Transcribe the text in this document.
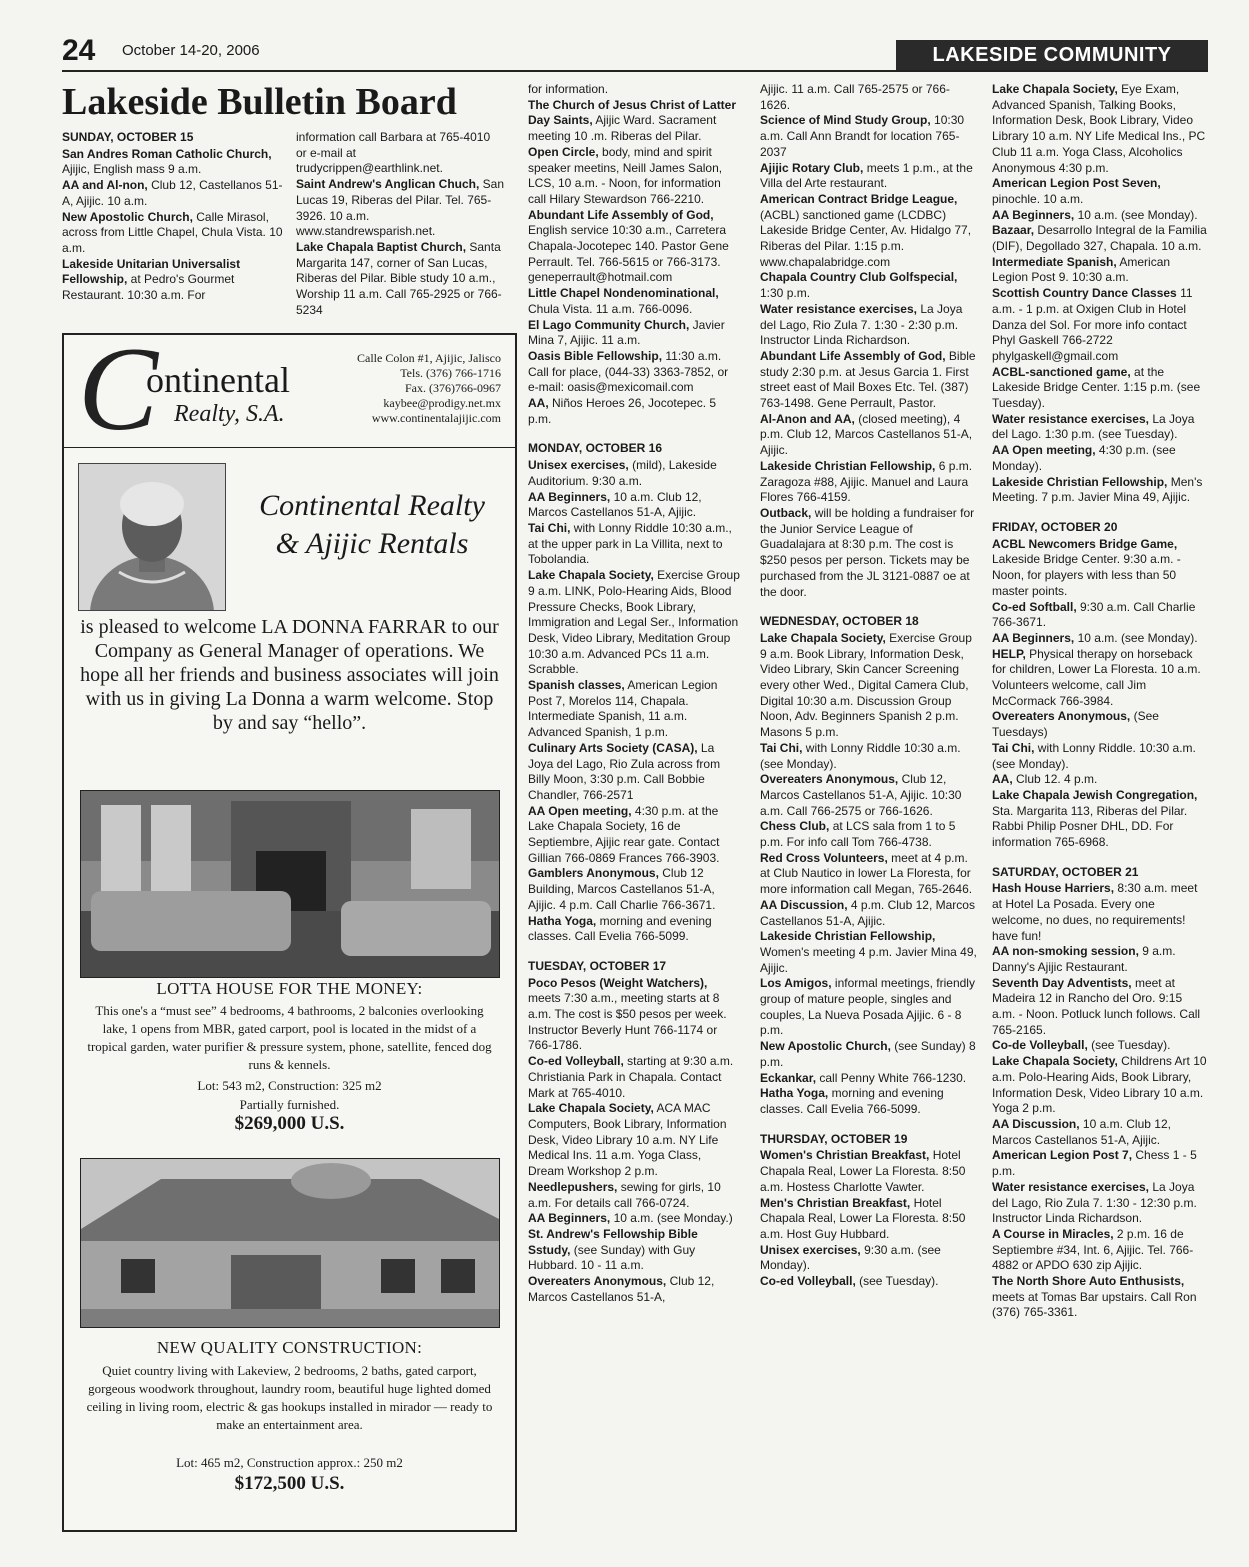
24 October 14-20, 2006	LAKESIDE COMMUNITY
Lakeside Bulletin Board
SUNDAY, OCTOBER 15

San Andres Roman Catholic Church, Ajijic, English mass 9 a.m.

AA and Al-non, Club 12, Castellanos 51-A, Ajijic. 10 a.m.

New Apostolic Church, Calle Mirasol, across from Little Chapel, Chula Vista. 10 a.m.

Lakeside Unitarian Universalist Fellowship, at Pedro's Gourmet Restaurant. 10:30 a.m. For

information call Barbara at 765-4010 or e-mail at trudycrippen@earthlink.net.

Saint Andrew's Anglican Chuch, San Lucas 19, Riberas del Pilar. Tel. 765-3926. 10 a.m. www.standrewsparish.net.

Lake Chapala Baptist Church, Santa Margarita 147, corner of San Lucas, Riberas del Pilar. Bible study 10 a.m., Worship 11 a.m. Call 765-2925 or 766-5234

for information.

The Church of Jesus Christ of Latter Day Saints, Ajijic Ward. Sacrament meeting 10 .m. Riberas del Pilar.

Open Circle, body, mind and spirit speaker meetins, Neill James Salon, LCS, 10 a.m. - Noon, for information call Hilary Stewardson 766-2210.

Abundant Life Assembly of God, English service 10:30 a.m., Carretera Chapala-Jocotepec 140. Pastor Gene Perrault. Tel. 766-5615 or 766-3173. geneperrault@hotmail.com

Little Chapel Nondenominational, Chula Vista. 11 a.m. 766-0096.

El Lago Community Church, Javier Mina 7, Ajijic. 11 a.m.

Oasis Bible Fellowship, 11:30 a.m. Call for place, (044-33) 3363-7852, or e-mail: oasis@mexicomail.com

AA, Niños Heroes 26, Jocotepec. 5 p.m.

MONDAY, OCTOBER 16

Unisex exercises, (mild), Lakeside Auditorium. 9:30 a.m.

AA Beginners, 10 a.m. Club 12, Marcos Castellanos 51-A, Ajijic.

Tai Chi, with Lonny Riddle 10:30 a.m., at the upper park in La Villita, next to Tobolandia.

Lake Chapala Society, Exercise Group 9 a.m. LINK, Polo-Hearing Aids, Blood Pressure Checks, Book Library, Immigration and Legal Ser., Information Desk, Video Library, Meditation Group 10:30 a.m. Advanced PCs 11 a.m. Scrabble.

Spanish classes, American Legion Post 7, Morelos 114, Chapala. Intermediate Spanish, 11 a.m. Advanced Spanish, 1 p.m.

Culinary Arts Society (CASA), La Joya del Lago, Rio Zula across from Billy Moon, 3:30 p.m. Call Bobbie Chandler, 766-2571

AA Open meeting, 4:30 p.m. at the Lake Chapala Society, 16 de Septiembre, Ajijic rear gate. Contact Gillian 766-0869 Frances 766-3903.

Gamblers Anonymous, Club 12 Building, Marcos Castellanos 51-A, Ajijic. 4 p.m. Call Charlie 766-3671.

Hatha Yoga, morning and evening classes. Call Evelia 766-5099.

TUESDAY, OCTOBER 17

Poco Pesos (Weight Watchers), meets 7:30 a.m., meeting starts at 8 a.m. The cost is $50 pesos per week. Instructor Beverly Hunt 766-1174 or 766-1786.

Co-ed Volleyball, starting at 9:30 a.m. Christiania Park in Chapala. Contact Mark at 765-4010.

Lake Chapala Society, ACA MAC Computers, Book Library, Information Desk, Video Library 10 a.m. NY Life Medical Ins. 11 a.m. Yoga Class, Dream Workshop 2 p.m.

Needlepushers, sewing for girls, 10 a.m. For details call 766-0724.

AA Beginners, 10 a.m. (see Monday.)

St. Andrew's Fellowship Bible Sstudy, (see Sunday) with Guy Hubbard. 10 - 11 a.m.

Overeaters Anonymous, Club 12, Marcos Castellanos 51-A,

Ajijic. 11 a.m. Call 765-2575 or 766-1626.

Science of Mind Study Group, 10:30 a.m. Call Ann Brandt for location 765-2037

Ajijic Rotary Club, meets 1 p.m., at the Villa del Arte restaurant.

American Contract Bridge League, (ACBL) sanctioned game (LCDBC) Lakeside Bridge Center, Av. Hidalgo 77, Riberas del Pilar. 1:15 p.m. www.chapalabridge.com

Chapala Country Club Golfspecial, 1:30 p.m.

Water resistance exercises, La Joya del Lago, Rio Zula 7. 1:30 - 2:30 p.m. Instructor Linda Richardson.

Abundant Life Assembly of God, Bible study 2:30 p.m. at Jesus Garcia 1. First street east of Mail Boxes Etc. Tel. (387) 763-1498. Gene Perrault, Pastor.

Al-Anon and AA, (closed meeting), 4 p.m. Club 12, Marcos Castellanos 51-A, Ajijic.

Lakeside Christian Fellowship, 6 p.m. Zaragoza #88, Ajijic. Manuel and Laura Flores 766-4159.

Outback, will be holding a fundraiser for the Junior Service League of Guadalajara at 8:30 p.m. The cost is $250 pesos per person. Tickets may be purchased from the JL 3121-0887 oe at the door.

WEDNESDAY, OCTOBER 18

Lake Chapala Society, Exercise Group 9 a.m. Book Library, Information Desk, Video Library, Skin Cancer Screening every other Wed., Digital Camera Club, Digital 10:30 a.m. Discussion Group Noon, Adv. Beginners Spanish 2 p.m. Masons 5 p.m.

Tai Chi, with Lonny Riddle 10:30 a.m. (see Monday).

Overeaters Anonymous, Club 12, Marcos Castellanos 51-A, Ajijic. 10:30 a.m. Call 766-2575 or 766-1626.

Chess Club, at LCS sala from 1 to 5 p.m. For info call Tom 766-4738.

Red Cross Volunteers, meet at 4 p.m. at Club Nautico in lower La Floresta, for more information call Megan, 765-2646.

AA Discussion, 4 p.m. Club 12, Marcos Castellanos 51-A, Ajijic.

Lakeside Christian Fellowship, Women's meeting 4 p.m. Javier Mina 49, Ajijic.

Los Amigos, informal meetings, friendly group of mature people, singles and couples, La Nueva Posada Ajijic. 6 - 8 p.m.

New Apostolic Church, (see Sunday) 8 p.m.

Eckankar, call Penny White 766-1230.

Hatha Yoga, morning and evening classes. Call Evelia 766-5099.

THURSDAY, OCTOBER 19

Women's Christian Breakfast, Hotel Chapala Real, Lower La Floresta. 8:50 a.m. Hostess Charlotte Vawter.

Men's Christian Breakfast, Hotel Chapala Real, Lower La Floresta. 8:50 a.m. Host Guy Hubbard.

Unisex exercises, 9:30 a.m. (see Monday).

Co-ed Volleyball, (see Tuesday).

Lake Chapala Society, Eye Exam, Advanced Spanish, Talking Books, Information Desk, Book Library, Video Library 10 a.m. NY Life Medical Ins., PC Club 11 a.m. Yoga Class, Alcoholics Anonymous 4:30 p.m.

American Legion Post Seven, pinochle. 10 a.m.

AA Beginners, 10 a.m. (see Monday).

Bazaar, Desarrollo Integral de la Familia (DIF), Degollado 327, Chapala. 10 a.m.

Intermediate Spanish, American Legion Post 9. 10:30 a.m.

Scottish Country Dance Classes 11 a.m. - 1 p.m. at Oxigen Club in Hotel Danza del Sol. For more info contact Phyl Gaskell 766-2722 phylgaskell@gmail.com

ACBL-sanctioned game, at the Lakeside Bridge Center. 1:15 p.m. (see Tuesday).

Water resistance exercises, La Joya del Lago. 1:30 p.m. (see Tuesday).

AA Open meeting, 4:30 p.m. (see Monday).

Lakeside Christian Fellowship, Men's Meeting. 7 p.m. Javier Mina 49, Ajijic.

FRIDAY, OCTOBER 20

ACBL Newcomers Bridge Game, Lakeside Bridge Center. 9:30 a.m. - Noon, for players with less than 50 master points.

Co-ed Softball, 9:30 a.m. Call Charlie 766-3671.

AA Beginners, 10 a.m. (see Monday).

HELP, Physical therapy on horseback for children, Lower La Floresta. 10 a.m. Volunteers welcome, call Jim McCormack 766-3984.

Overeaters Anonymous, (See Tuesdays)

Tai Chi, with Lonny Riddle. 10:30 a.m. (see Monday).

AA, Club 12. 4 p.m.

Lake Chapala Jewish Congregation, Sta. Margarita 113, Riberas del Pilar. Rabbi Philip Posner DHL, DD. For information 765-6968.

SATURDAY, OCTOBER 21

Hash House Harriers, 8:30 a.m. meet at Hotel La Posada. Every one welcome, no dues, no requirements! have fun!

AA non-smoking session, 9 a.m. Danny's Ajijic Restaurant.

Seventh Day Adventists, meet at Madeira 12 in Rancho del Oro. 9:15 a.m. - Noon. Potluck lunch follows. Call 765-2165.

Co-de Volleyball, (see Tuesday).

Lake Chapala Society, Childrens Art 10 a.m. Polo-Hearing Aids, Book Library, Information Desk, Video Library 10 a.m. Yoga 2 p.m.

AA Discussion, 10 a.m. Club 12, Marcos Castellanos 51-A, Ajijic.

American Legion Post 7, Chess 1 - 5 p.m.

Water resistance exercises, La Joya del Lago, Rio Zula 7. 1:30 - 12:30 p.m. Instructor Linda Richardson.

A Course in Miracles, 2 p.m. 16 de Septiembre #34, Int. 6, Ajijic. Tel. 766-4882 or APDO 630 zip Ajijic.

The North Shore Auto Enthusists, meets at Tomas Bar upstairs. Call Ron (376) 765-3361.

C
ontinental
Realty, S.A.
Calle Colon #1, Ajijic, Jalisco
Tels. (376) 766-1716
Fax. (376)766-0967
kaybee@prodigy.net.mx
www.continentalajijic.com
Continental Realty
& Ajijic Rentals
is pleased to welcome LA DONNA FARRAR to our Company as General Manager of operations. We hope all her friends and business associates will join with us in giving La Donna a warm welcome. Stop by and say “hello”.
LOTTA HOUSE FOR THE MONEY:
This one's a “must see” 4 bedrooms, 4 bathrooms, 2 balconies overlooking lake, 1 opens from MBR, gated carport, pool is located in the midst of a tropical garden, water purifier & pressure system, phone, satellite, fenced dog runs & kennels.
Lot: 543 m2, Construction: 325 m2
Partially furnished.
$269,000 U.S.
NEW QUALITY CONSTRUCTION:
Quiet country living with Lakeview, 2 bedrooms, 2 baths, gated carport, gorgeous woodwork throughout, laundry room, beautiful huge lighted domed ceiling in living room, electric & gas hookups installed in mirador — ready to make an entertainment area.
Lot: 465 m2, Construction approx.: 250 m2
$172,500 U.S.
